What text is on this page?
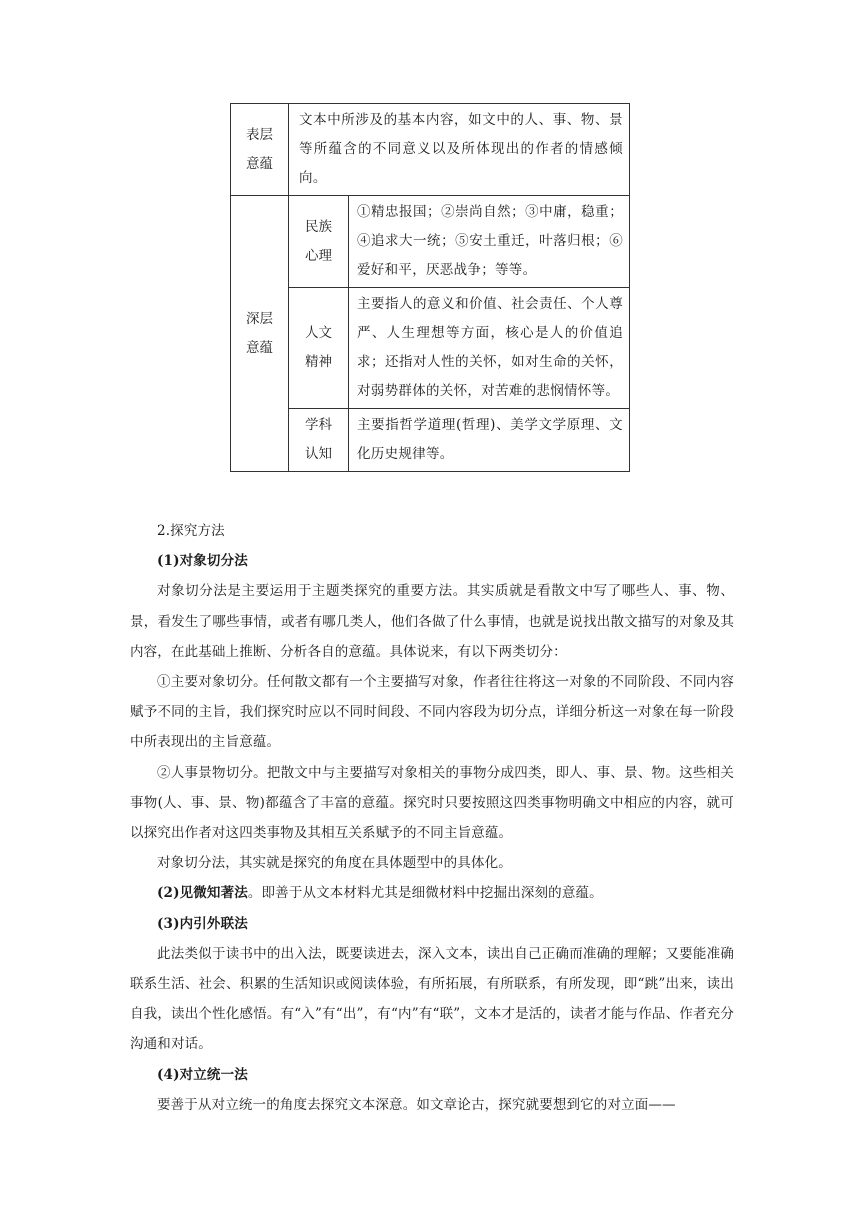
表层意蕴	文本中所涉及的基本内容，如文中的人、事、物、景等所蕴含的不同意义以及所体现出的作者的情感倾向。	

深层意蕴	民族心理	①精忠报国；②崇尚自然；③中庸，稳重；④追求大一统；⑤安土重迁，叶落归根；⑥爱好和平，厌恶战争；等等。

	人文精神	主要指人的意义和价值、社会责任、个人尊严、人生理想等方面，核心是人的价值追求；还指对人性的关怀，如对生命的关怀，对弱势群体的关怀，对苦难的悲悯情怀等。

	学科认知	主要指哲学道理(哲理)、美学文学原理、文化历史规律等。

2.探究方法

(1)对象切分法

对象切分法是主要运用于主题类探究的重要方法。其实质就是看散文中写了哪些人、事、物、景，看发生了哪些事情，或者有哪几类人，他们各做了什么事情，也就是说找出散文描写的对象及其内容，在此基础上推断、分析各自的意蕴。具体说来，有以下两类切分：

①主要对象切分。任何散文都有一个主要描写对象，作者往往将这一对象的不同阶段、不同内容赋予不同的主旨，我们探究时应以不同时间段、不同内容段为切分点，详细分析这一对象在每一阶段中所表现出的主旨意蕴。

②人事景物切分。把散文中与主要描写对象相关的事物分成四类，即人、事、景、物。这些相关事物(人、事、景、物)都蕴含了丰富的意蕴。探究时只要按照这四类事物明确文中相应的内容，就可以探究出作者对这四类事物及其相互关系赋予的不同主旨意蕴。

对象切分法，其实就是探究的角度在具体题型中的具体化。

(2)见微知著法。即善于从文本材料尤其是细微材料中挖掘出深刻的意蕴。

(3)内引外联法

此法类似于读书中的出入法，既要读进去，深入文本，读出自己正确而准确的理解；又要能准确联系生活、社会、积累的生活知识或阅读体验，有所拓展，有所联系，有所发现，即“跳”出来，读出自我，读出个性化感悟。有“入”有“出”，有“内”有“联”，文本才是活的，读者才能与作品、作者充分沟通和对话。

(4)对立统一法

要善于从对立统一的角度去探究文本深意。如文章论古，探究就要想到它的对立面——
